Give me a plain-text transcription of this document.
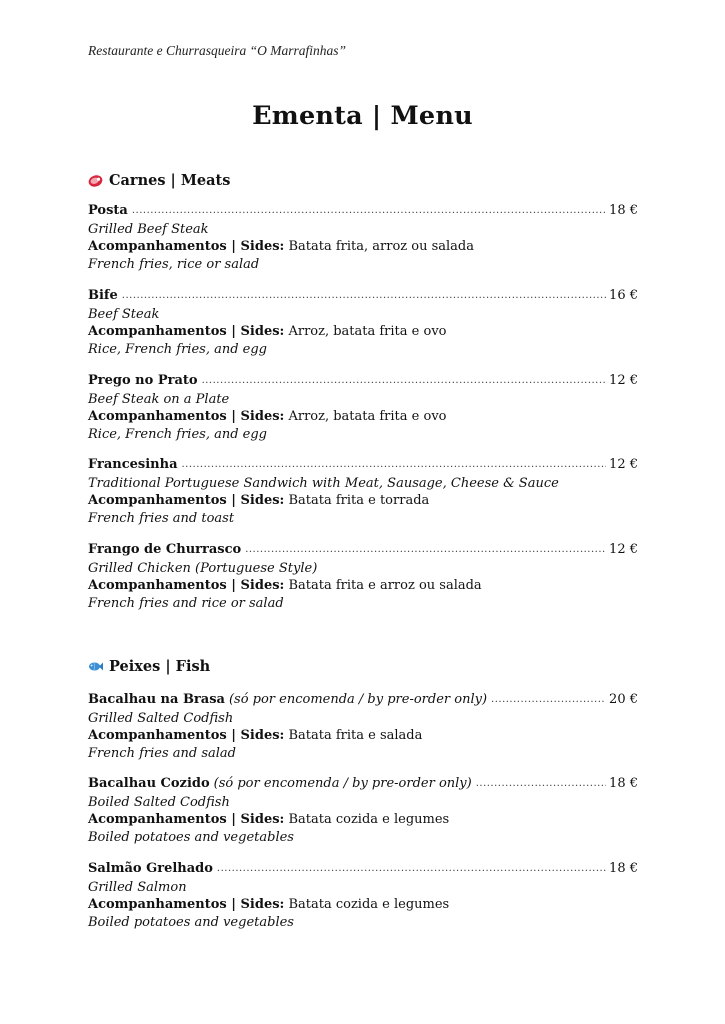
Restaurante e Churrasqueira “O Marrafinhas”
Ementa | Menu
Carnes | Meats
Posta .....	18 €
Grilled Beef Steak
Acompanhamentos | Sides: Batata frita, arroz ou salada
French fries, rice or salad
Bife .....	16 €
Beef Steak
Acompanhamentos | Sides: Arroz, batata frita e ovo
Rice, French fries, and egg
Prego no Prato .....	12 €
Beef Steak on a Plate
Acompanhamentos | Sides: Arroz, batata frita e ovo
Rice, French fries, and egg
Francesinha .....	12 €
Traditional Portuguese Sandwich with Meat, Sausage, Cheese & Sauce
Acompanhamentos | Sides: Batata frita e torrada
French fries and toast
Frango de Churrasco .....	12 €
Grilled Chicken (Portuguese Style)
Acompanhamentos | Sides: Batata frita e arroz ou salada
French fries and rice or salad
Peixes | Fish
Bacalhau na Brasa (só por encomenda / by pre-order only) .....	20 €
Grilled Salted Codfish
Acompanhamentos | Sides: Batata frita e salada
French fries and salad
Bacalhau Cozido (só por encomenda / by pre-order only) .....	18 €
Boiled Salted Codfish
Acompanhamentos | Sides: Batata cozida e legumes
Boiled potatoes and vegetables
Salmão Grelhado .....	18 €
Grilled Salmon
Acompanhamentos | Sides: Batata cozida e legumes
Boiled potatoes and vegetables
